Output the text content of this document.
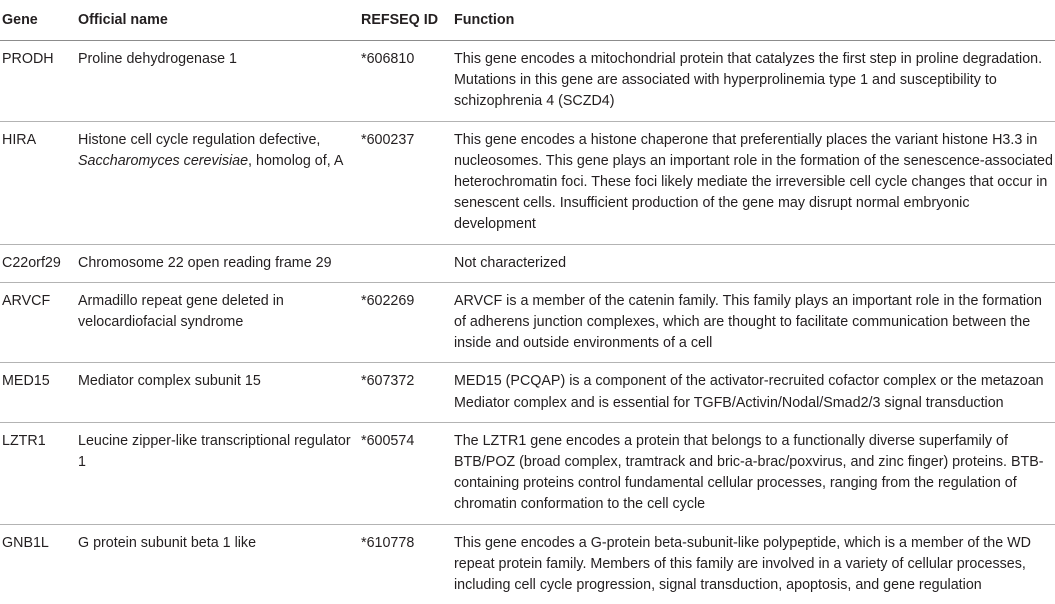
Gene	Official name	REFSEQ ID	Function
PRODH	Proline dehydrogenase 1	*606810	This gene encodes a mitochondrial protein that catalyzes the first step in proline degradation. Mutations in this gene are associated with hyperprolinemia type 1 and susceptibility to schizophrenia 4 (SCZD4)
HIRA	Histone cell cycle regulation defective, Saccharomyces cerevisiae, homolog of, A	*600237	This gene encodes a histone chaperone that preferentially places the variant histone H3.3 in nucleosomes. This gene plays an important role in the formation of the senescence-associated heterochromatin foci. These foci likely mediate the irreversible cell cycle changes that occur in senescent cells. Insufficient production of the gene may disrupt normal embryonic development
C22orf29	Chromosome 22 open reading frame 29		Not characterized
ARVCF	Armadillo repeat gene deleted in velocardiofacial syndrome	*602269	ARVCF is a member of the catenin family. This family plays an important role in the formation of adherens junction complexes, which are thought to facilitate communication between the inside and outside environments of a cell
MED15	Mediator complex subunit 15	*607372	MED15 (PCQAP) is a component of the activator-recruited cofactor complex or the metazoan Mediator complex and is essential for TGFB/Activin/Nodal/Smad2/3 signal transduction
LZTR1	Leucine zipper-like transcriptional regulator 1	*600574	The LZTR1 gene encodes a protein that belongs to a functionally diverse superfamily of BTB/POZ (broad complex, tramtrack and bric-a-brac/poxvirus, and zinc finger) proteins. BTB-containing proteins control fundamental cellular processes, ranging from the regulation of chromatin conformation to the cell cycle
GNB1L	G protein subunit beta 1 like	*610778	This gene encodes a G-protein beta-subunit-like polypeptide, which is a member of the WD repeat protein family. Members of this family are involved in a variety of cellular processes, including cell cycle progression, signal transduction, apoptosis, and gene regulation
